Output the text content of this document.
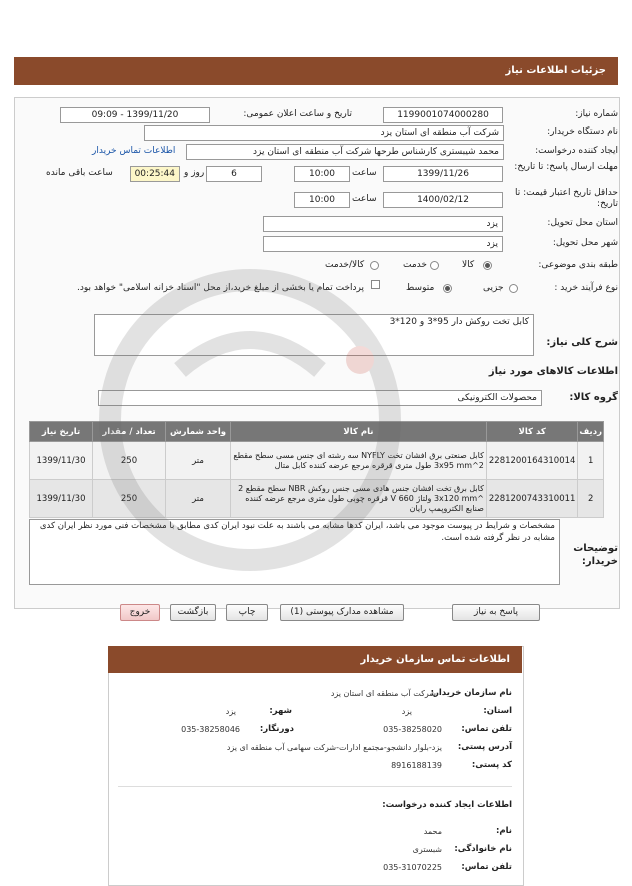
جزئیات اطلاعات نیاز
شماره نیاز:
1199001074000280
تاریخ و ساعت اعلان عمومی:
1399/11/20 - 09:09
نام دستگاه خریدار:
شرکت آب منطقه ای استان یزد
ایجاد کننده درخواست:
محمد شیبستری کارشناس طرحها شرکت آب منطقه ای استان یزد
اطلاعات تماس خریدار
مهلت ارسال پاسخ: تا تاریخ:
1399/11/26
ساعت
10:00
6
روز و
00:25:44
ساعت باقی مانده
حداقل تاریخ اعتبار قیمت: تا تاریخ:
1400/02/12
ساعت
10:00
استان محل تحویل:
یزد
شهر محل تحویل:
یزد
طبقه بندی موضوعی:
کالا
خدمت
کالا/خدمت
نوع فرآیند خرید :
جزیی
متوسط
پرداخت تمام یا بخشی از مبلغ خرید،از محل "اسناد خزانه اسلامی" خواهد بود.
شرح کلی نیاز:
کابل تخت روکش دار 95*3 و 120*3
اطلاعات کالاهای مورد نیاز
گروه کالا:
محصولات الکترونیکی
تاریخ نیاز	تعداد / مقدار	واحد شمارش	نام کالا	کد کالا	ردیف
1399/11/30	250	متر	کابل صنعتی برق افشان تخت NYFLY سه رشته ای جنس مسی سطح مقطع 3x95 mm^2 طول متری قرقره مرجع عرضه کننده کابل متال	2281200164310014	1
1399/11/30	250	متر	کابل برق تخت افشان جنس هادی مسی جنس روکش NBR سطح مقطع 2 ^3x120 mm ولتاژ 660 V قرقره چوبی طول متری مرجع عرضه کننده صنایع الکتروپمپ رایان	2281200743310011	2
توضیحات خریدار:
مشخصات و شرایط در پیوست موجود می باشد، ایران کدها مشابه می باشند به علت نبود ایران کدی مطابق با مشخصات فنی مورد نظر ایران کدی مشابه در نظر گرفته شده است.
پاسخ به نیاز
مشاهده مدارک پیوستی (1)
چاپ
بازگشت
خروج
اطلاعات تماس سازمان خریدار
نام سازمان خریدار:
شرکت آب منطقه ای استان یزد
استان:
یزد
شهر:
یزد
تلفن تماس:
035-38258020
دورنگار:
035-38258046
آدرس پستی:
یزد-بلوار دانشجو-مجتمع ادارات-شرکت سهامی آب منطقه ای یزد
کد پستی:
8916188139
اطلاعات ایجاد کننده درخواست:
نام:
محمد
نام خانوادگی:
شبستری
تلفن تماس:
035-31070225
